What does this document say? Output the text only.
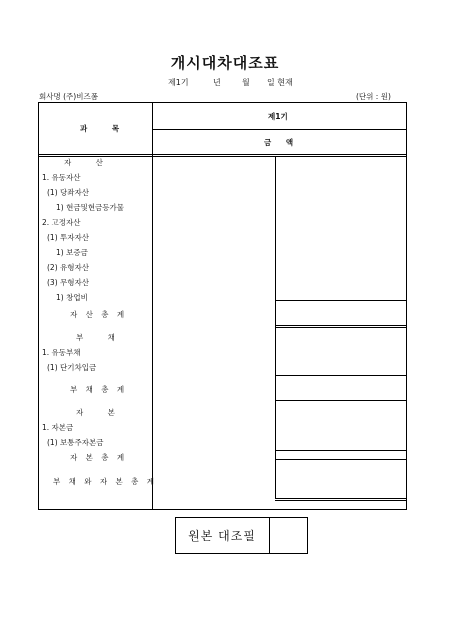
개시대차대조표
제1기	년	월 일 현재
회사명 (주)비즈폼	(단위 : 원)
과 목
제1기
금 액
자 산
1. 유동자산
(1) 당좌자산
1) 현금및현금등가물
2. 고정자산
(1) 투자자산
1) 보증금
(2) 유형자산
(3) 무형자산
1) 창업비
자 산 총 계
부 채
1. 유동부채
(1) 단기차입금
부 채 총 계
자 본
1. 자본금
(1) 보통주자본금
자 본 총 계
부 채 와 자 본 총 계
원본 대조필
